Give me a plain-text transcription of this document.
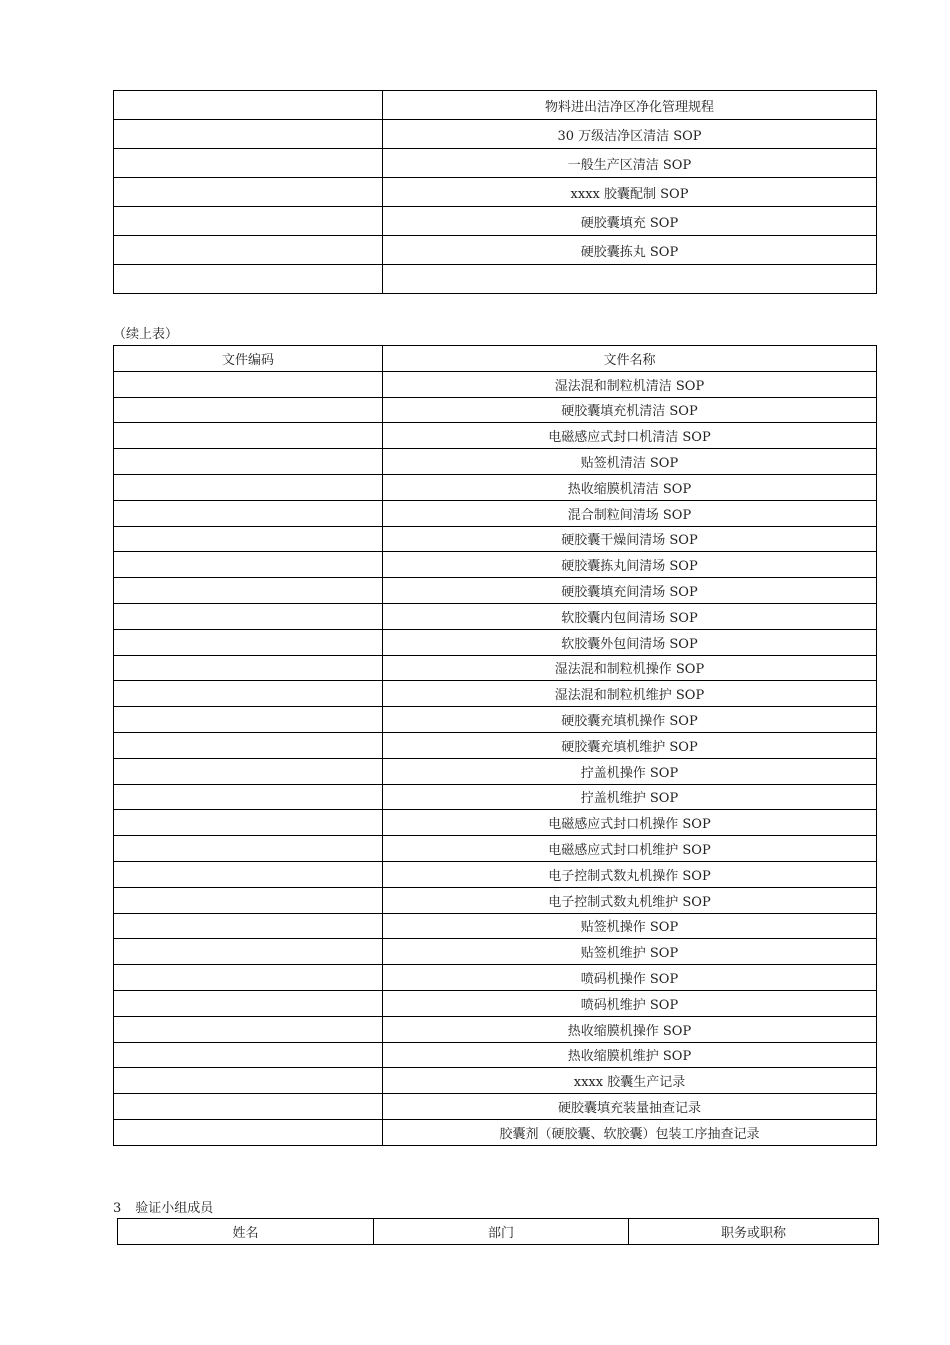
	物料进出洁净区净化管理规程
	30 万级洁净区清洁 SOP
	一般生产区清洁 SOP
	xxxx 胶囊配制 SOP
	硬胶囊填充 SOP
	硬胶囊拣丸 SOP

（续上表）
文件编码	文件名称
	湿法混和制粒机清洁 SOP
	硬胶囊填充机清洁 SOP
	电磁感应式封口机清洁 SOP
	贴签机清洁 SOP
	热收缩膜机清洁 SOP
	混合制粒间清场 SOP
	硬胶囊干燥间清场 SOP
	硬胶囊拣丸间清场 SOP
	硬胶囊填充间清场 SOP
	软胶囊内包间清场 SOP
	软胶囊外包间清场 SOP
	湿法混和制粒机操作 SOP
	湿法混和制粒机维护 SOP
	硬胶囊充填机操作 SOP
	硬胶囊充填机维护 SOP
	拧盖机操作 SOP
	拧盖机维护 SOP
	电磁感应式封口机操作 SOP
	电磁感应式封口机维护 SOP
	电子控制式数丸机操作 SOP
	电子控制式数丸机维护 SOP
	贴签机操作 SOP
	贴签机维护 SOP
	喷码机操作 SOP
	喷码机维护 SOP
	热收缩膜机操作 SOP
	热收缩膜机维护 SOP
	xxxx 胶囊生产记录
	硬胶囊填充装量抽查记录
	胶囊剂（硬胶囊、软胶囊）包装工序抽查记录
3 验证小组成员
姓名	部门	职务或职称
